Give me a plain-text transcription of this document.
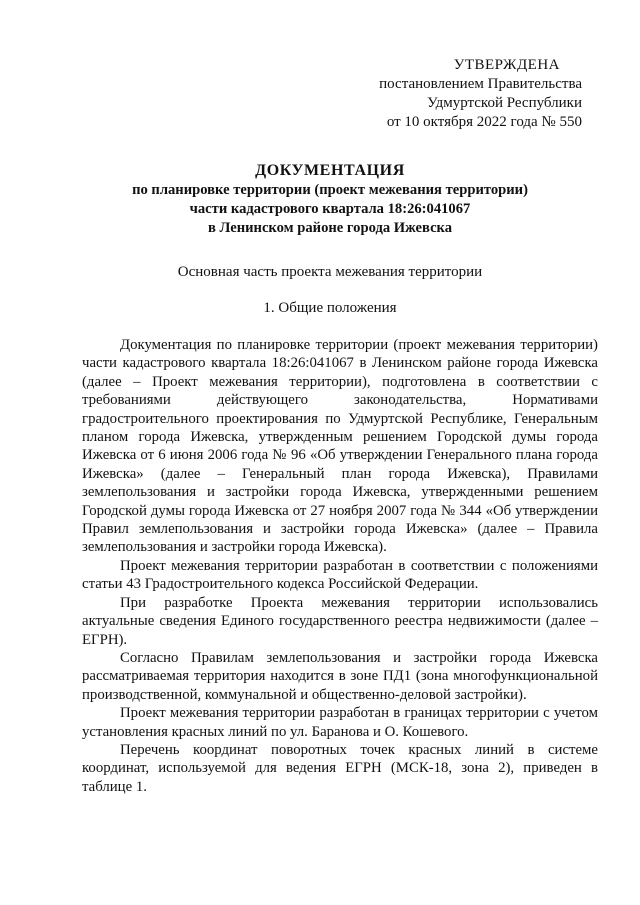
УТВЕРЖДЕНА
постановлением Правительства
Удмуртской Республики
от 10 октября 2022 года № 550
ДОКУМЕНТАЦИЯ
по планировке территории (проект межевания территории)
части кадастрового квартала 18:26:041067
в Ленинском районе города Ижевска
Основная часть проекта межевания территории
1. Общие положения

Документация по планировке территории (проект межевания территории) части кадастрового квартала 18:26:041067 в Ленинском районе города Ижевска (далее – Проект межевания территории), подготовлена в соответствии с требованиями действующего законодательства, Нормативами градостроительного проектирования по Удмуртской Республике, Генеральным планом города Ижевска, утвержденным решением Городской думы города Ижевска от 6 июня 2006 года № 96 «Об утверждении Генерального плана города Ижевска» (далее – Генеральный план города Ижевска), Правилами землепользования и застройки города Ижевска, утвержденными решением Городской думы города Ижевска от 27 ноября 2007 года № 344 «Об утверждении Правил землепользования и застройки города Ижевска» (далее – Правила землепользования и застройки города Ижевска).

Проект межевания территории разработан в соответствии с положениями статьи 43 Градостроительного кодекса Российской Федерации.

При разработке Проекта межевания территории использовались актуальные сведения Единого государственного реестра недвижимости (далее – ЕГРН).

Согласно Правилам землепользования и застройки города Ижевска рассматриваемая территория находится в зоне ПД1 (зона многофункциональной производственной, коммунальной и общественно-деловой застройки).

Проект межевания территории разработан в границах территории с учетом установления красных линий по ул. Баранова и О. Кошевого.

Перечень координат поворотных точек красных линий в системе координат, используемой для ведения ЕГРН (МСК-18, зона 2), приведен в таблице 1.
